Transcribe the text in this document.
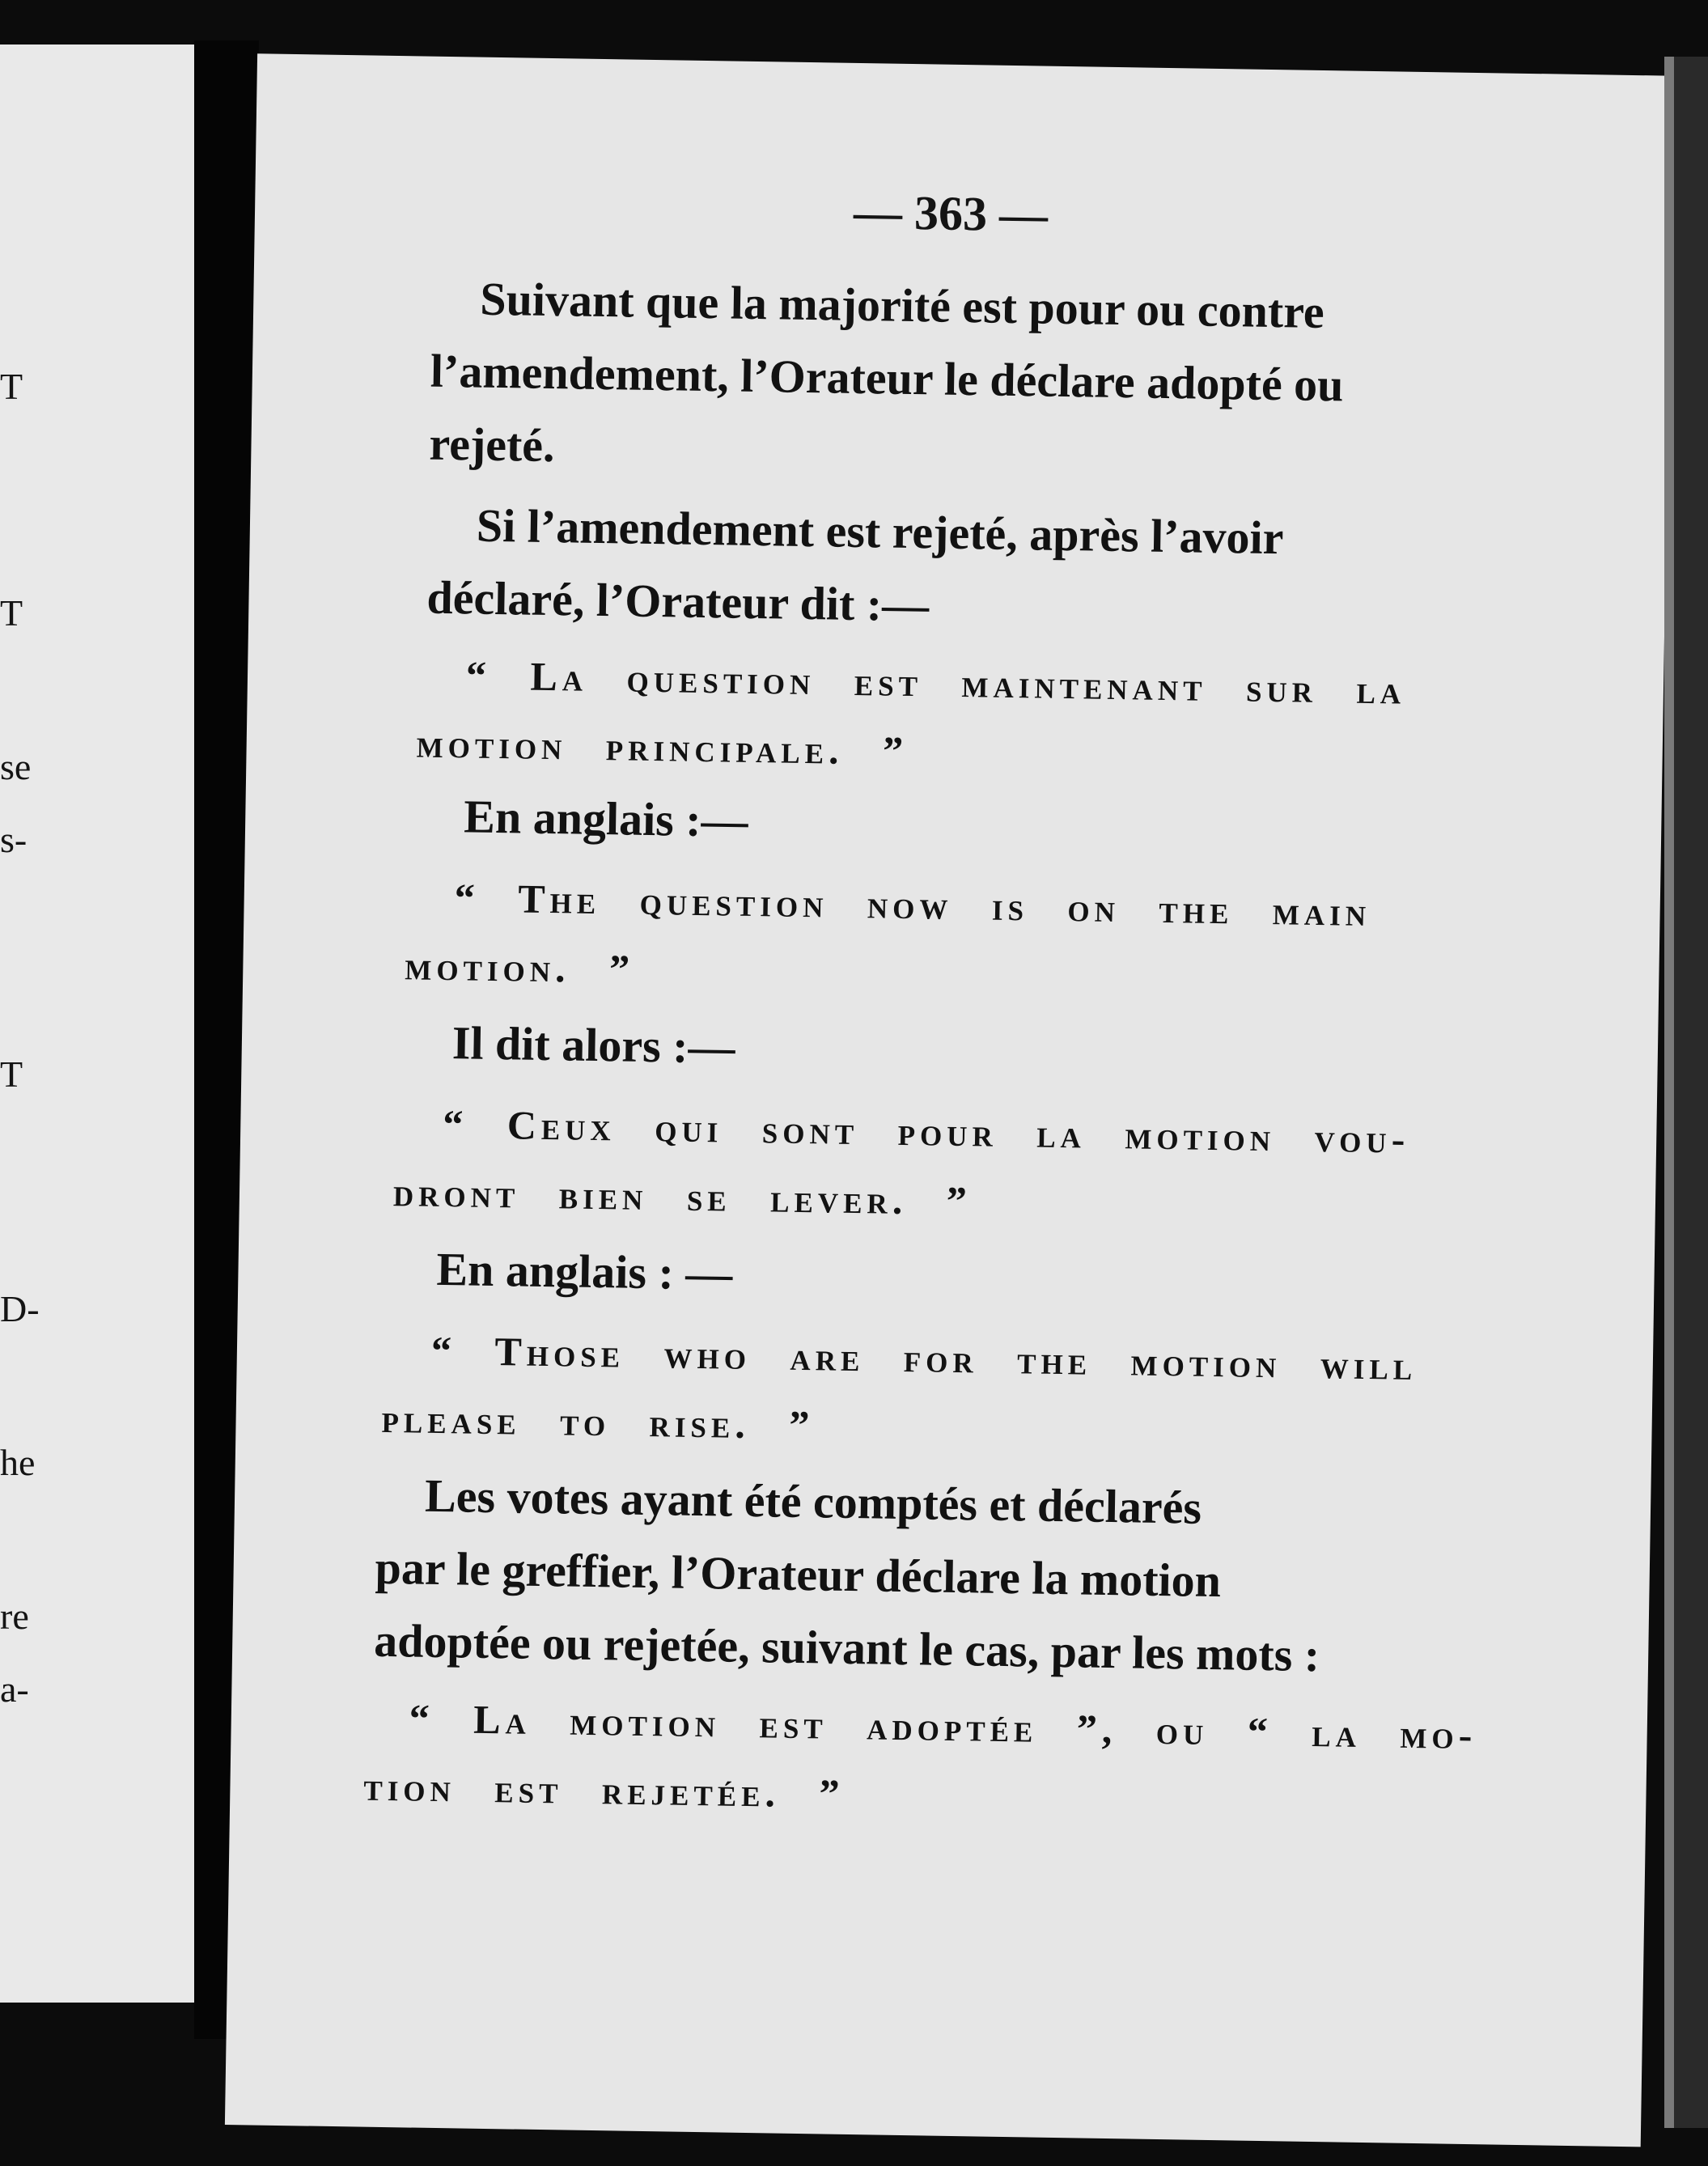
T
T
se
s-
T
D-
he
re
a-
— 363 —
Suivant que la majorité est pour ou contre
l’amendement, l’Orateur le déclare adopté ou
rejeté.
Si l’amendement est rejeté, après l’avoir
déclaré, l’Orateur dit :—
“ La question est maintenant sur la
motion principale. ”
En anglais :—
“ The question now is on the main
motion. ”
Il dit alors :—
“ Ceux qui sont pour la motion vou-
dront bien se lever. ”
En anglais : —
“ Those who are for the motion will
please to rise. ”
Les votes ayant été comptés et déclarés
par le greffier, l’Orateur déclare la motion
adoptée ou rejetée, suivant le cas, par les mots :
“ La motion est adoptée ”, ou “ la mo-
tion est rejetée. ”
